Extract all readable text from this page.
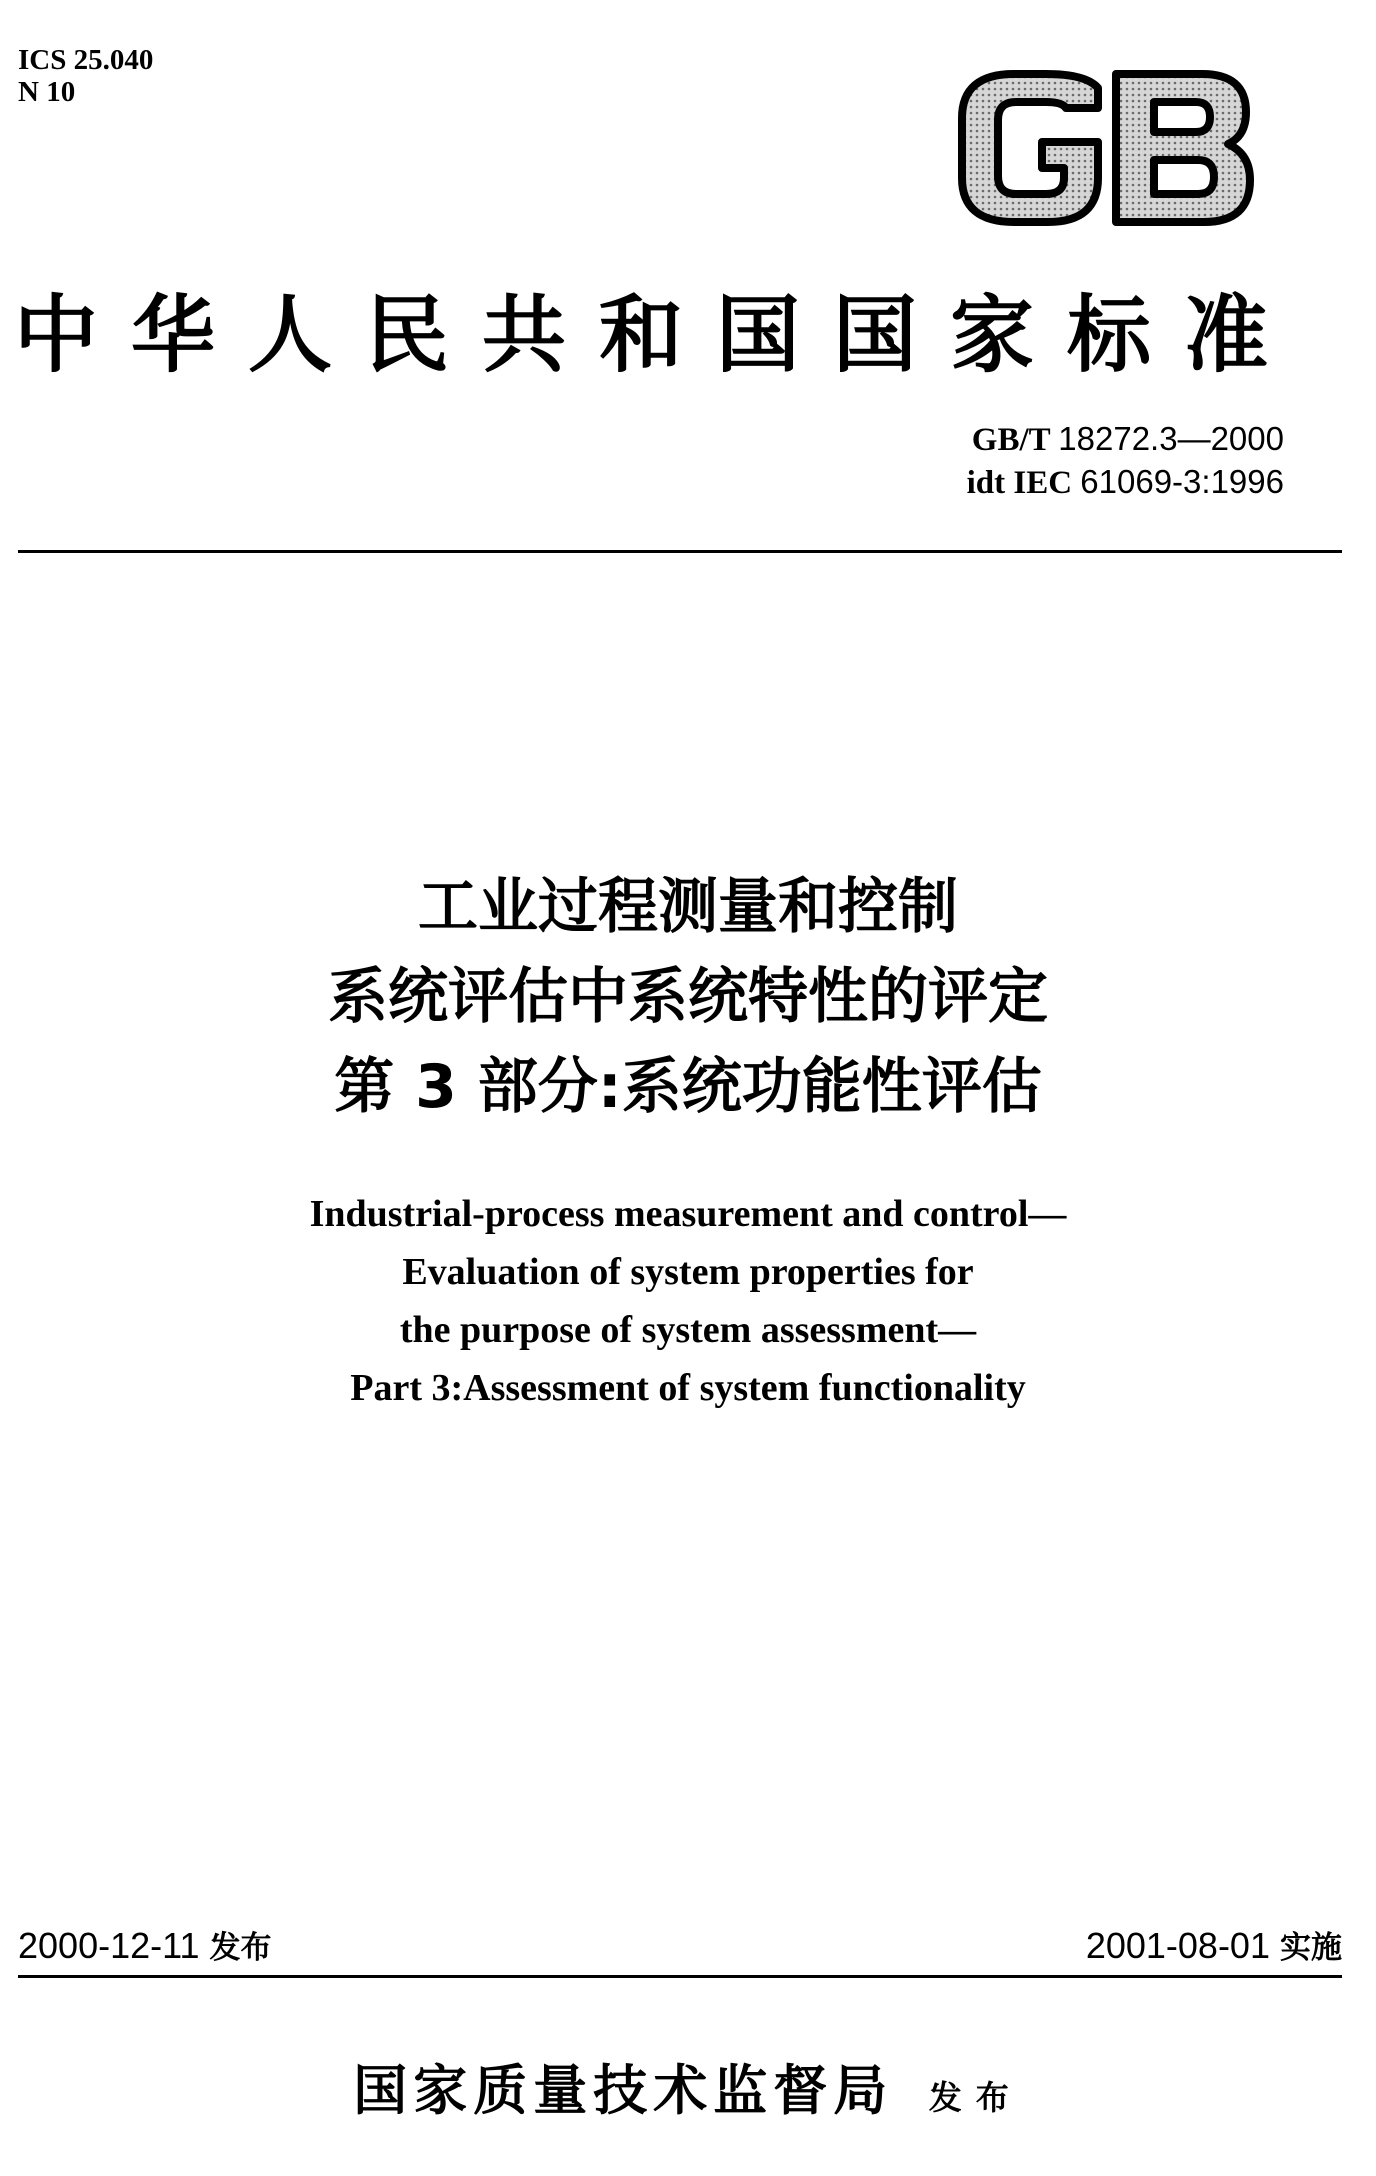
ICS 25.040
N 10
中华人民共和国国家标准
GB/T 18272.3—2000
idt IEC 61069-3:1996
工业过程测量和控制
系统评估中系统特性的评定
第 3 部分:系统功能性评估
Industrial-process measurement and control—
Evaluation of system properties for
the purpose of system assessment—
Part 3:Assessment of system functionality
2000-12-11 发布	2001-08-01 实施
国家质量技术监督局 发布
